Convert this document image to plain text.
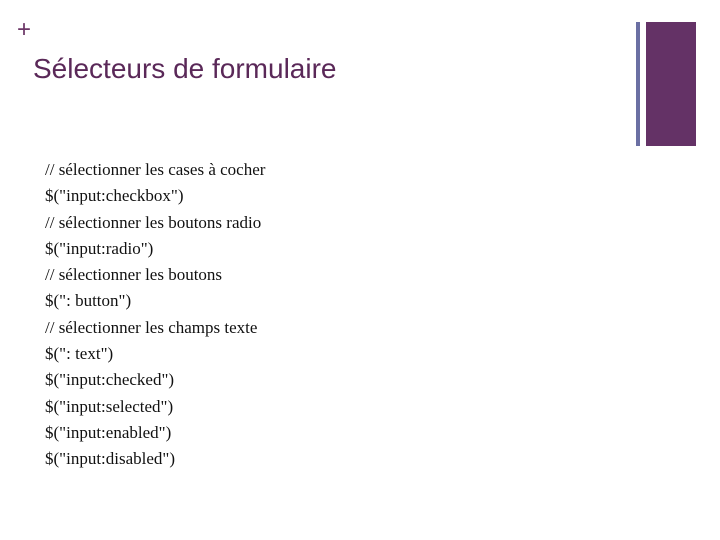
+
Sélecteurs de formulaire
// sélectionner les cases à cocher
$("input:checkbox")
// sélectionner les boutons radio
$("input:radio")
// sélectionner les boutons
$(": button")
// sélectionner les champs texte
$(": text")
$("input:checked")
$("input:selected")
$("input:enabled")
$("input:disabled")
